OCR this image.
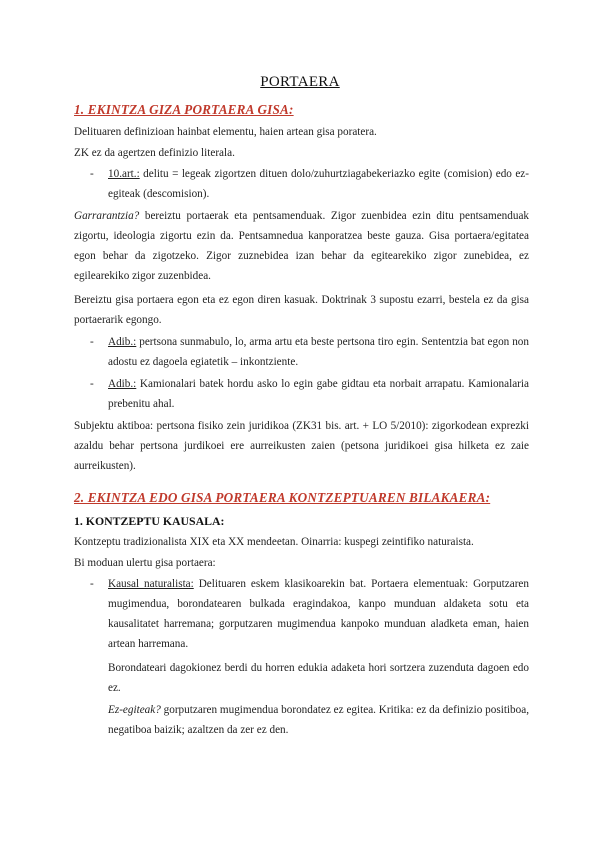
PORTAERA
1. EKINTZA GIZA PORTAERA GISA:
Delituaren definizioan hainbat elementu, haien artean gisa poratera.
ZK ez da agertzen definizio literala.
- 10.art.: delitu = legeak zigortzen dituen dolo/zuhurtziagabekeriazko egite (comision) edo ez-egiteak (descomision).
Garrarantzia? bereiztu portaerak eta pentsamenduak. Zigor zuenbidea ezin ditu pentsamenduak zigortu, ideologia zigortu ezin da. Pentsamnedua kanporatzea beste gauza. Gisa portaera/egitatea egon behar da zigotzeko. Zigor zuznebidea izan behar da egitearekiko zigor zunebidea, ez egilearekiko zigor zuzenbidea.
Bereiztu gisa portaera egon eta ez egon diren kasuak. Doktrinak 3 supostu ezarri, bestela ez da gisa portaerarik egongo.
- Adib.: pertsona sunmabulo, lo, arma artu eta beste pertsona tiro egin. Sententzia bat egon non adostu ez dagoela egiatetik – inkontziente.
- Adib.: Kamionalari batek hordu asko lo egin gabe gidtau eta norbait arrapatu. Kamionalaria prebenitu ahal.
Subjektu aktiboa: pertsona fisiko zein juridikoa (ZK31 bis. art. + LO 5/2010): zigorkodean exprezki azaldu behar pertsona jurdikoei ere aurreikusten zaien (petsona juridikoei gisa hilketa ez zaie aurreikusten).
2. EKINTZA EDO GISA PORTAERA KONTZEPTUAREN BILAKAERA:
1. KONTZEPTU KAUSALA:
Kontzeptu tradizionalista XIX eta XX mendeetan. Oinarria: kuspegi zeintifiko naturaista.
Bi moduan ulertu gisa portaera:
- Kausal naturalista: Delituaren eskem klasikoarekin bat. Portaera elementuak: Gorputzaren mugimendua, borondatearen bulkada eragindakoa, kanpo munduan aldaketa sotu eta kausalitatet harremana; gorputzaren mugimendua kanpoko munduan aladketa eman, haien artean harremana.
Borondateari dagokionez berdi du horren edukia adaketa hori sortzera zuzenduta dagoen edo ez.
Ez-egiteak? gorputzaren mugimendua borondatez ez egitea. Kritika: ez da definizio positiboa, negatiboa baizik; azaltzen da zer ez den.
